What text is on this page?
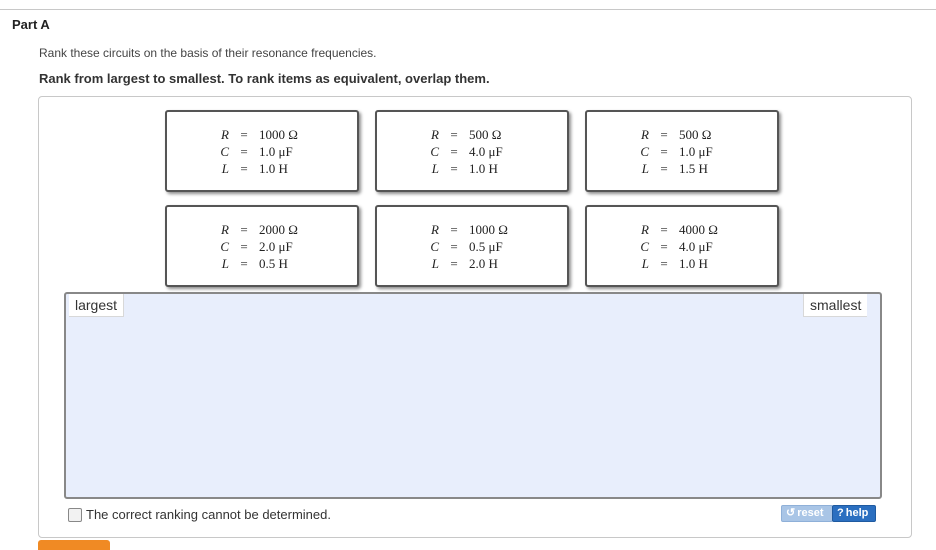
Part A
Rank these circuits on the basis of their resonance frequencies.
Rank from largest to smallest. To rank items as equivalent, overlap them.
R	=	1000 Ω
C	=	1.0 μF
L	=	1.0 H
R	=	500 Ω
C	=	4.0 μF
L	=	1.0 H
R	=	500 Ω
C	=	1.0 μF
L	=	1.5 H
R	=	2000 Ω
C	=	2.0 μF
L	=	0.5 H
R	=	1000 Ω
C	=	0.5 μF
L	=	2.0 H
R	=	4000 Ω
C	=	4.0 μF
L	=	1.0 H
largest	smallest
The correct ranking cannot be determined.	↺ reset	? help
